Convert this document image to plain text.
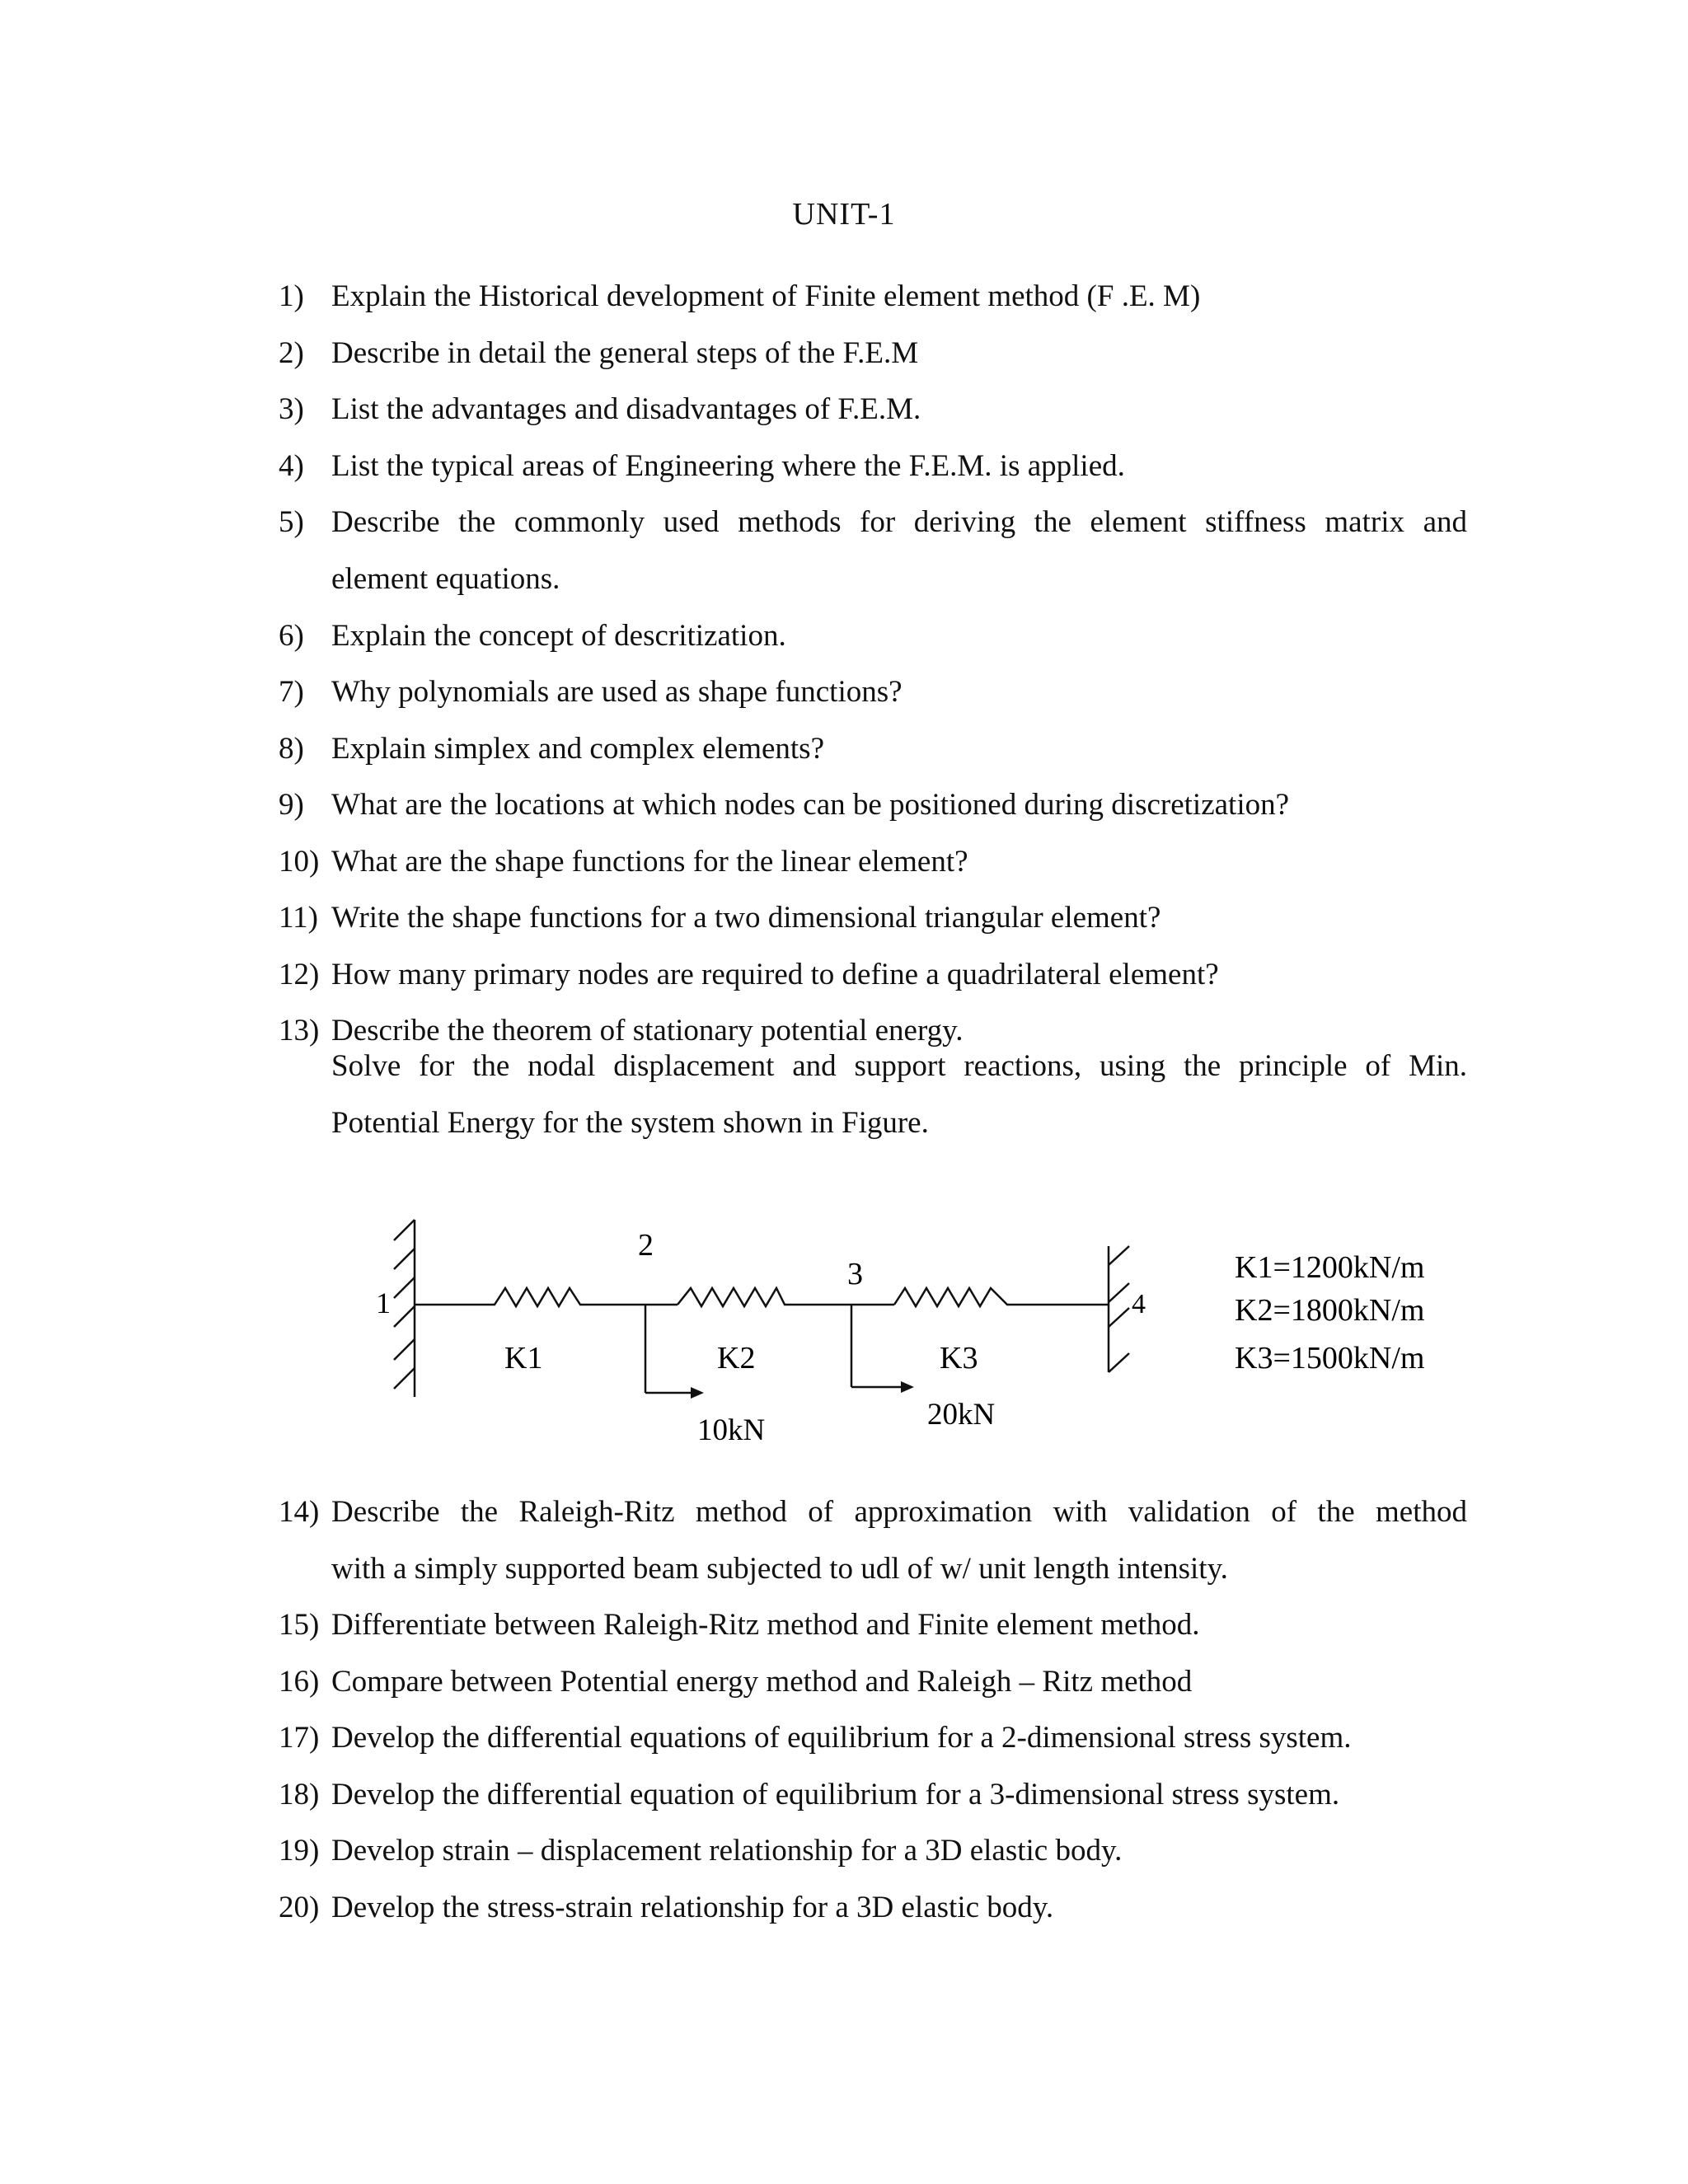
UNIT-1
1) Explain the Historical development of Finite element method (F .E. M)
2) Describe in detail the general steps of the F.E.M
3) List the advantages and disadvantages of F.E.M.
4) List the typical areas of Engineering where the F.E.M. is applied.
5) Describe the commonly used methods for deriving the element stiffness matrix and
element equations.
6) Explain the concept of descritization.
7) Why polynomials are used as shape functions?
8) Explain simplex and complex elements?
9) What are the locations at which nodes can be positioned during discretization?
10) What are the shape functions for the linear element?
11) Write the shape functions for a two dimensional triangular element?
12) How many primary nodes are required to define a quadrilateral element?
13) Describe the theorem of stationary potential energy.
Solve for the nodal displacement and support reactions, using the principle of Min.
Potential Energy for the system shown in Figure.
1
2
3
4
K1	K2	K3
10kN	20kN
K1=1200kN/m
K2=1800kN/m
K3=1500kN/m
14) Describe the Raleigh-Ritz method of approximation with validation of the method
with a simply supported beam subjected to udl of w/ unit length intensity.
15) Differentiate between Raleigh-Ritz method and Finite element method.
16) Compare between Potential energy method and Raleigh – Ritz method
17) Develop the differential equations of equilibrium for a 2-dimensional stress system.
18) Develop the differential equation of equilibrium for a 3-dimensional stress system.
19) Develop strain – displacement relationship for a 3D elastic body.
20) Develop the stress-strain relationship for a 3D elastic body.
